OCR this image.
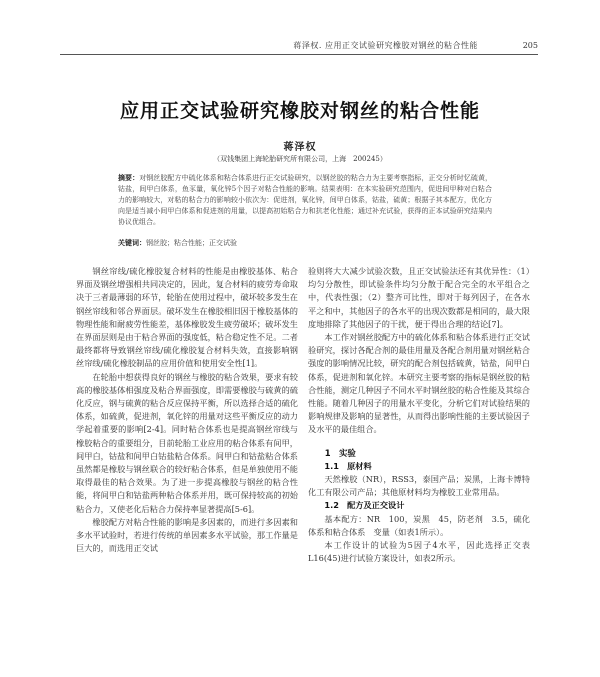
蒋泽权. 应用正交试验研究橡胶对钢丝的粘合性能	205
应用正交试验研究橡胶对钢丝的粘合性能
蒋泽权
（双钱集团上海轮胎研究所有限公司，上海　200245）
摘要：对钢丝胶配方中硫化体系和粘合体系进行正交试验研究，以钢丝胶的粘合力为主要考察指标，正交分析时忆硫黄，钴盐，间甲白体系，鱼豕量，氧化锌5个因子对粘合性能的影响。结果表明：在本实验研究范围内，促进间甲种对白粘合力的影响较大，对粘的粘合力的影响较小依次为：促进剂，氧化锌，间甲白体系，钴盐，硫黄；根据子其本配方，优化方向是适当减小间甲白体系和促进剂的用量，以提高初始粘合力和抗老化性能；通过补充试验，获得的正本试验研究结果内协议优组合。
关键词：钢丝胶；粘合性能；正交试验

钢丝帘线/硫化橡胶复合材料的性能是由橡胶基体、粘合界面及钢丝增强相共同决定的，因此，复合材料的疲劳寿命取决于三者最薄弱的环节，轮胎在使用过程中，破坏较多发生在钢丝帘线和邻合界面层。破坏发生在橡胶相旧因于橡胶基体的物理性能和耐疲劳性能差，基体橡胶发生疲劳破坏；破坏发生在界面层则是由于粘合界面的强度低，粘合稳定性不足。二者最终都将导致钢丝帘线/硫化橡胶复合材料失效，直接影响钢丝帘线/硫化橡胶制品的应用价值和使用安全性[1]。

在轮胎中想获得良好的钢丝与橡胶的粘合效果，要求有较高的橡胶基体相强度及粘合界面强度，即需要橡胶与硫黄的硫化反应，钢与硫黄的粘合反应保持平衡，所以选择合适的硫化体系，如硫黄，促进剂，氧化锌的用量对这些平衡反应的动力学起着重要的影响[2-4]。同时粘合体系也是提高钢丝帘线与橡胶粘合的重要组分，目前轮胎工业应用的粘合体系有间甲，间甲白，钴盐和间甲白钴盐粘合体系。间甲白和钴盐粘合体系虽然都是橡胶与钢丝联合的较好粘合体系，但是单独使用不能取得最佳的粘合效果。为了进一步提高橡胶与钢丝的粘合性能，将间甲白和钴盐两种粘合体系并用，既可保持较高的初始粘合力，又使老化后粘合力保持率显著提高[5-6]。

橡胶配方对粘合性能的影响是多因素的，而进行多因素和多水平试验时，若进行传统的单因素多水平试验，那工作量是巨大的，而选用正交试

验则将大大减少试验次数，且正交试验法还有其优异性：（1）均匀分散性，即试验条件均匀分散于配合完全的水平组合之中，代表性强；（2）整齐可比性，即对于每列因子，在各水平之和中，其他因子的各水平的出现次数都是相同的，最大限度地排除了其他因子的干扰，便于得出合理的结论[7]。

本工作对钢丝胶配方中的硫化体系和粘合体系进行正交试验研究，探讨各配合剂的最佳用量及各配合剂用量对钢丝粘合强度的影响情况比较，研究的配合剂包括硫黄，钴盐，间甲白体系，促进剂和氧化锌。本研究主要考察的指标是钢丝胶的粘合性能，测定几种因子不同水平时钢丝胶的粘合性能及其综合性能。随着几种因子的用量水平变化，分析它们对试验结果的影响规律及影响的显著性，从而得出影响性能的主要试验因子及水平的最佳组合。

1　实验

1.1　原材料

天然橡胶（NR），RSS3，泰国产品；炭黑，上海卡博特化工有限公司产品；其他原材料均为橡胶工业常用品。

1.2　配方及正交设计

基本配方：NR　100，炭黑　45，防老剂　3.5，硫化体系和粘合体系　变量（如表1所示）。

本工作设计的试验为5因子4水平，因此选择正交表L16(45)进行试验方案设计，如表2所示。
